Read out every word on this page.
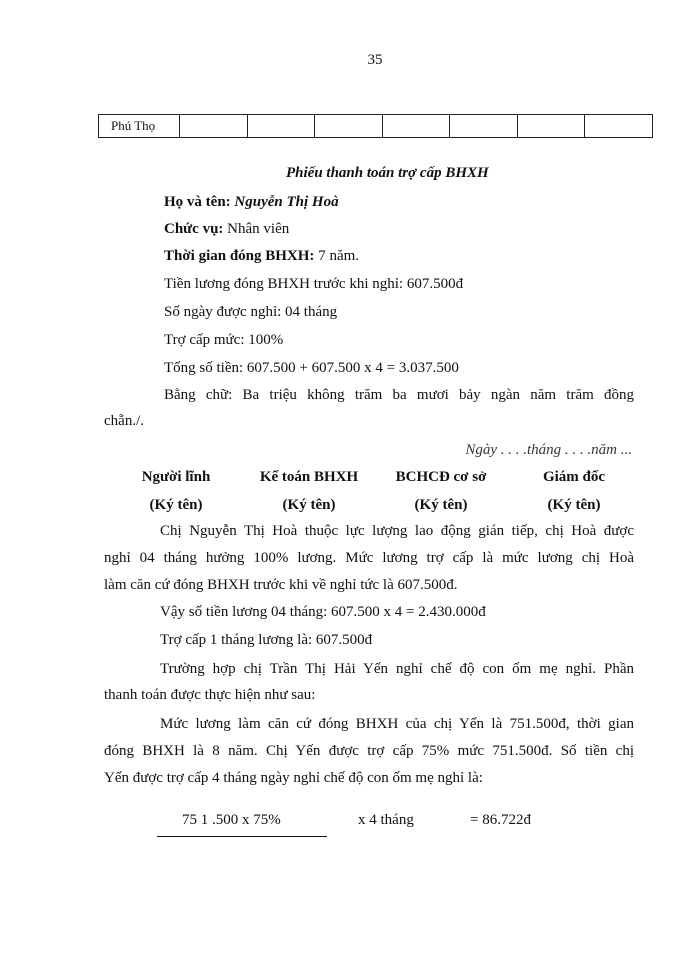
35
Phú Thọ							
Phiếu thanh toán trợ cấp BHXH
Họ và tên: Nguyễn Thị Hoà
Chức vụ: Nhân viên
Thời gian đóng BHXH: 7 năm.
Tiền lương đóng BHXH trước khi nghỉ: 607.500đ
Số ngày được nghỉ: 04 tháng
Trợ cấp mức: 100%
Tổng số tiền: 607.500 + 607.500 x 4 = 3.037.500
Bằng chữ: Ba triệu không trăm ba mươi bảy ngàn năm trăm đồng
chẵn./.
Ngày . . . .tháng . . . .năm ...
Người lĩnh	Kế toán BHXH	BCHCĐ cơ sở	Giám đốc
(Ký tên)	(Ký tên)	(Ký tên)	(Ký tên)
Chị Nguyễn Thị Hoà thuộc lực lượng lao động gián tiếp, chị Hoà được
nghỉ 04 tháng hưởng 100% lương. Mức lương trợ cấp là mức lương chị Hoà
làm căn cứ đóng BHXH trước khi về nghỉ tức là 607.500đ.
Vậy số tiền lương 04 tháng: 607.500 x 4 = 2.430.000đ
Trợ cấp 1 tháng lương là: 607.500đ
Trường hợp chị Trần Thị Hải Yến nghỉ chế độ con ốm mẹ nghỉ. Phần
thanh toán được thực hiện như sau:
Mức lương làm căn cứ đóng BHXH của chị Yến là 751.500đ, thời gian
đóng BHXH là 8 năm. Chị Yến được trợ cấp 75% mức 751.500đ. Số tiền chị
Yến được trợ cấp 4 tháng ngày nghỉ chế độ con ốm mẹ nghỉ là:
75 1 .500 x 75%	x 4 tháng	= 86.722đ
